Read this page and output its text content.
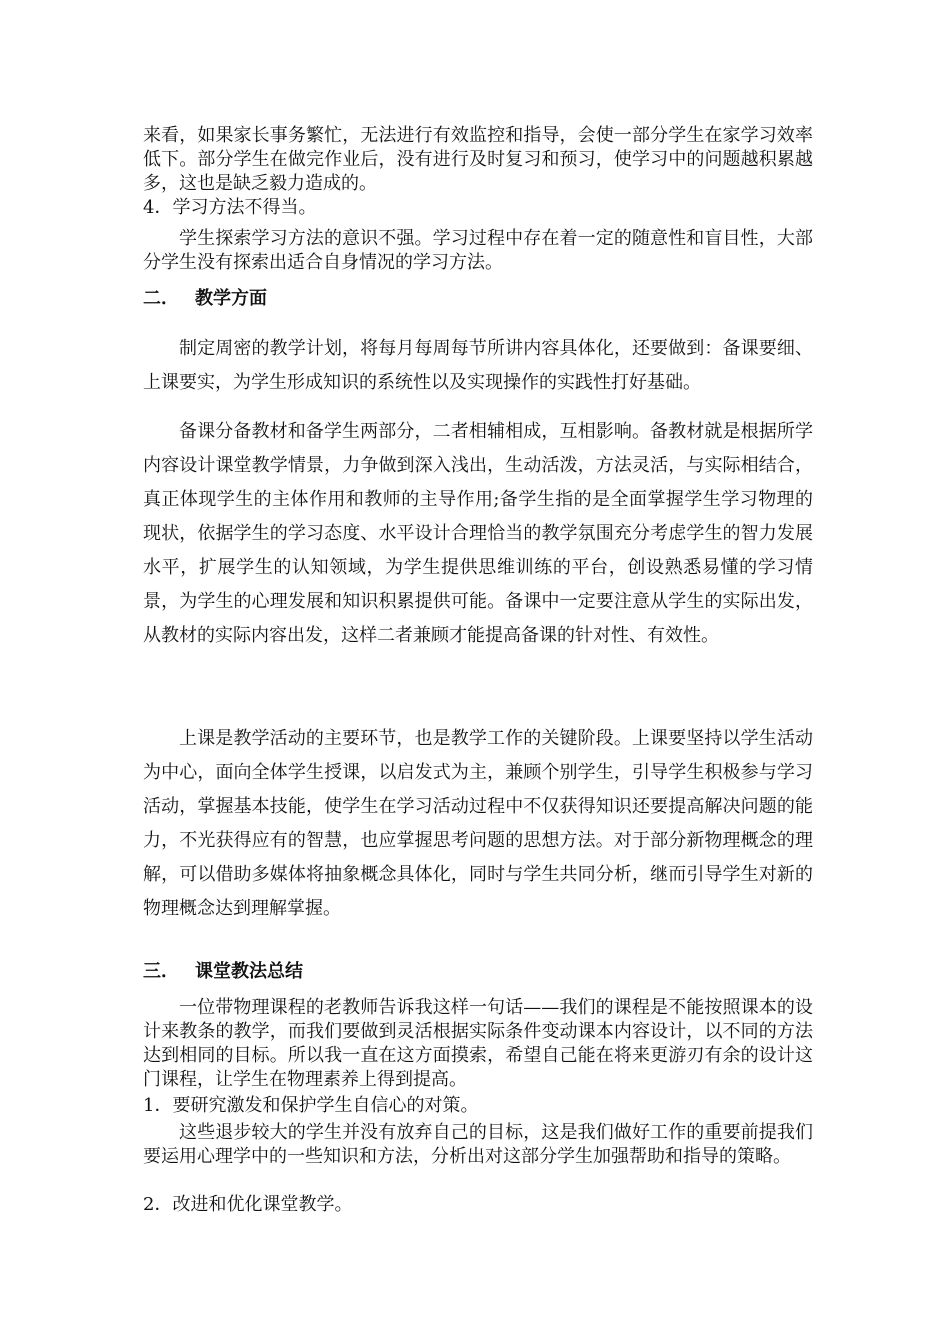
来看，如果家长事务繁忙，无法进行有效监控和指导，会使一部分学生在家学习效率低下。部分学生在做完作业后，没有进行及时复习和预习，使学习中的问题越积累越多，这也是缺乏毅力造成的。

4．学习方法不得当。

学生探索学习方法的意识不强。学习过程中存在着一定的随意性和盲目性，大部分学生没有探索出适合自身情况的学习方法。

二． 教学方面

制定周密的教学计划，将每月每周每节所讲内容具体化，还要做到：备课要细、上课要实，为学生形成知识的系统性以及实现操作的实践性打好基础。

备课分备教材和备学生两部分，二者相辅相成，互相影响。备教材就是根据所学内容设计课堂教学情景，力争做到深入浅出，生动活泼，方法灵活，与实际相结合，真正体现学生的主体作用和教师的主导作用;备学生指的是全面掌握学生学习物理的现状，依据学生的学习态度、水平设计合理恰当的教学氛围充分考虑学生的智力发展水平，扩展学生的认知领域，为学生提供思维训练的平台，创设熟悉易懂的学习情景，为学生的心理发展和知识积累提供可能。备课中一定要注意从学生的实际出发，从教材的实际内容出发，这样二者兼顾才能提高备课的针对性、有效性。

上课是教学活动的主要环节，也是教学工作的关键阶段。上课要坚持以学生活动为中心，面向全体学生授课，以启发式为主，兼顾个别学生，引导学生积极参与学习活动，掌握基本技能，使学生在学习活动过程中不仅获得知识还要提高解决问题的能力，不光获得应有的智慧，也应掌握思考问题的思想方法。对于部分新物理概念的理解，可以借助多媒体将抽象概念具体化，同时与学生共同分析，继而引导学生对新的物理概念达到理解掌握。

三． 课堂教法总结

一位带物理课程的老教师告诉我这样一句话——我们的课程是不能按照课本的设计来教条的教学，而我们要做到灵活根据实际条件变动课本内容设计，以不同的方法达到相同的目标。所以我一直在这方面摸索，希望自己能在将来更游刃有余的设计这门课程，让学生在物理素养上得到提高。

1．要研究激发和保护学生自信心的对策。

这些退步较大的学生并没有放弃自己的目标，这是我们做好工作的重要前提我们要运用心理学中的一些知识和方法，分析出对这部分学生加强帮助和指导的策略。

2．改进和优化课堂教学。
